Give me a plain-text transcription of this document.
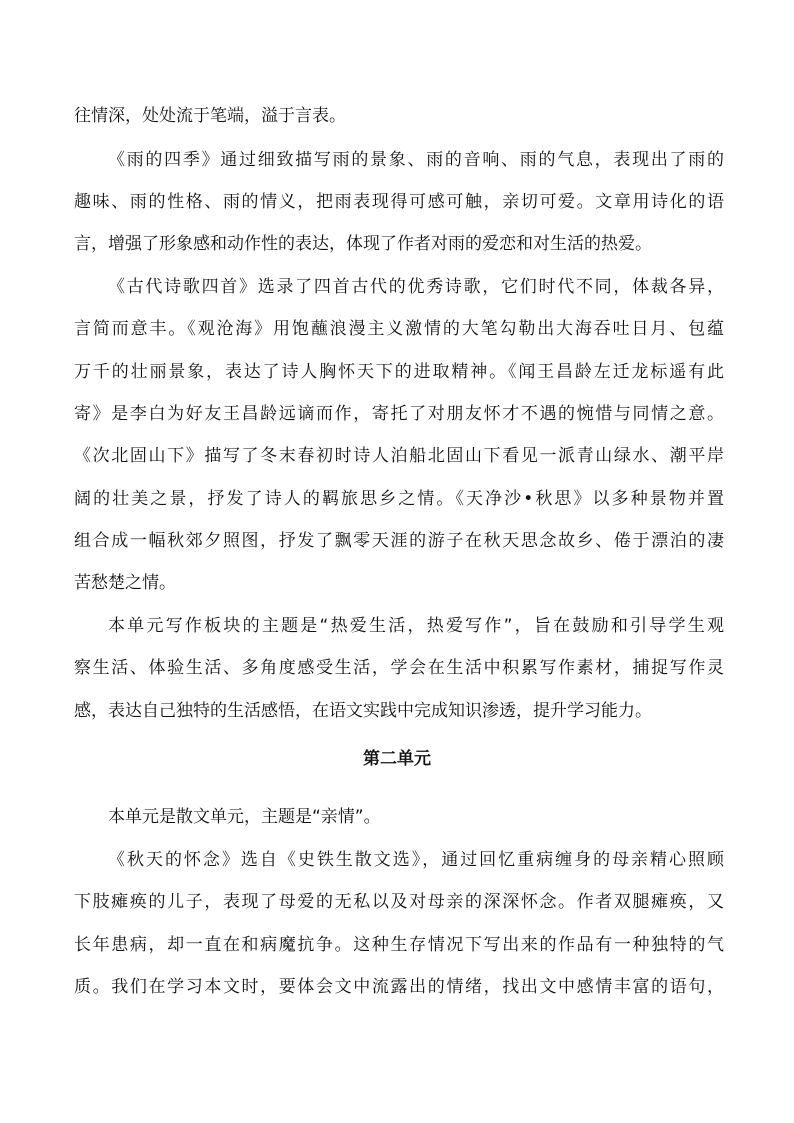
往情深，处处流于笔端，溢于言表。
《雨的四季》通过细致描写雨的景象、雨的音响、雨的气息，表现出了雨的
趣味、雨的性格、雨的情义，把雨表现得可感可触，亲切可爱。文章用诗化的语
言，增强了形象感和动作性的表达，体现了作者对雨的爱恋和对生活的热爱。
《古代诗歌四首》选录了四首古代的优秀诗歌，它们时代不同，体裁各异，
言简而意丰。《观沧海》用饱蘸浪漫主义激情的大笔勾勒出大海吞吐日月、包蕴
万千的壮丽景象，表达了诗人胸怀天下的进取精神。《闻王昌龄左迁龙标遥有此
寄》是李白为好友王昌龄远谪而作，寄托了对朋友怀才不遇的惋惜与同情之意。
《次北固山下》描写了冬末春初时诗人泊船北固山下看见一派青山绿水、潮平岸
阔的壮美之景，抒发了诗人的羁旅思乡之情。《天净沙•秋思》以多种景物并置
组合成一幅秋郊夕照图，抒发了飘零天涯的游子在秋天思念故乡、倦于漂泊的凄
苦愁楚之情。
本单元写作板块的主题是“热爱生活，热爱写作”，旨在鼓励和引导学生观
察生活、体验生活、多角度感受生活，学会在生活中积累写作素材，捕捉写作灵
感，表达自己独特的生活感悟，在语文实践中完成知识渗透，提升学习能力。
第二单元
本单元是散文单元，主题是“亲情”。
《秋天的怀念》选自《史铁生散文选》，通过回忆重病缠身的母亲精心照顾
下肢瘫痪的儿子，表现了母爱的无私以及对母亲的深深怀念。作者双腿瘫痪，又
长年患病，却一直在和病魔抗争。这种生存情况下写出来的作品有一种独特的气
质。我们在学习本文时，要体会文中流露出的情绪，找出文中感情丰富的语句，
